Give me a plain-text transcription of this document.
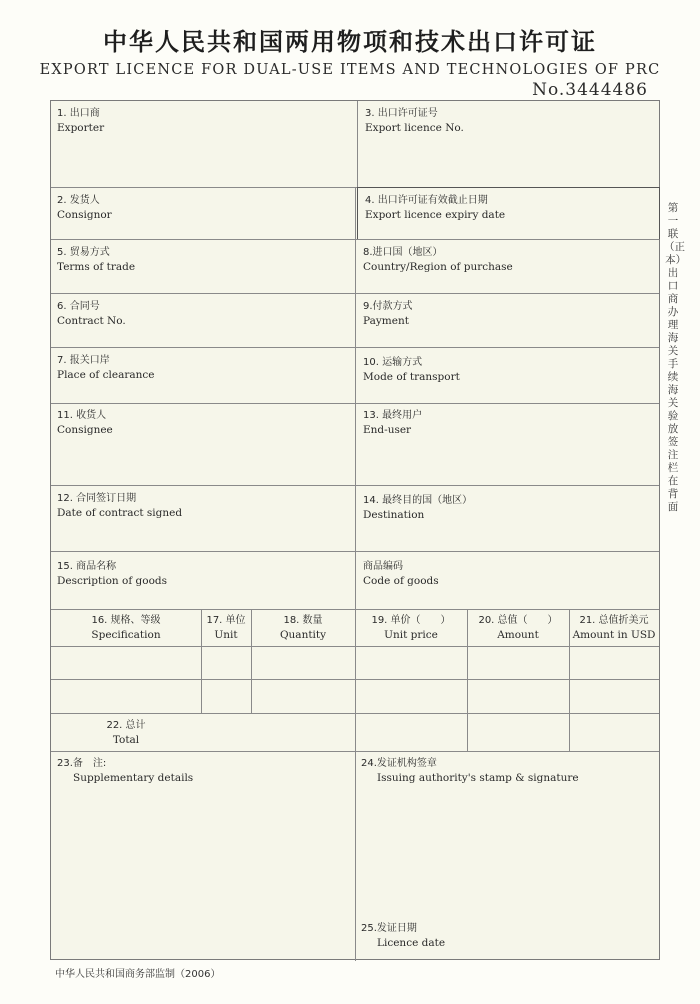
中华人民共和国两用物项和技术出口许可证
EXPORT LICENCE FOR DUAL-USE ITEMS AND TECHNOLOGIES OF PRC
No.3444486
1. 出口商
Exporter
3. 出口许可证号
Export licence No.
2. 发货人
Consignor
4. 出口许可证有效截止日期
Export licence expiry date
5. 贸易方式
Terms of trade
8.进口国（地区）
Country/Region of purchase
6. 合同号
Contract No.
9.付款方式
Payment
7. 报关口岸
Place of clearance
10. 运输方式
Mode of transport
11. 收货人
Consignee
13. 最终用户
End-user
12. 合同签订日期
Date of contract signed
14. 最终目的国（地区）
Destination
15. 商品名称
Description of goods
商品编码
Code of goods
16. 规格、等级
Specification
17. 单位
Unit
18. 数量
Quantity
19. 单价（　　）
Unit price
20. 总值（　　）
Amount
21. 总值折美元
Amount in USD
22. 总计
Total
23.备　注:
Supplementary details
24.发证机构签章
Issuing authority's stamp & signature
25.发证日期
Licence date
第一联（正本）出口商办理海关手续　海关验放签注栏在背面
中华人民共和国商务部监制（2006）
